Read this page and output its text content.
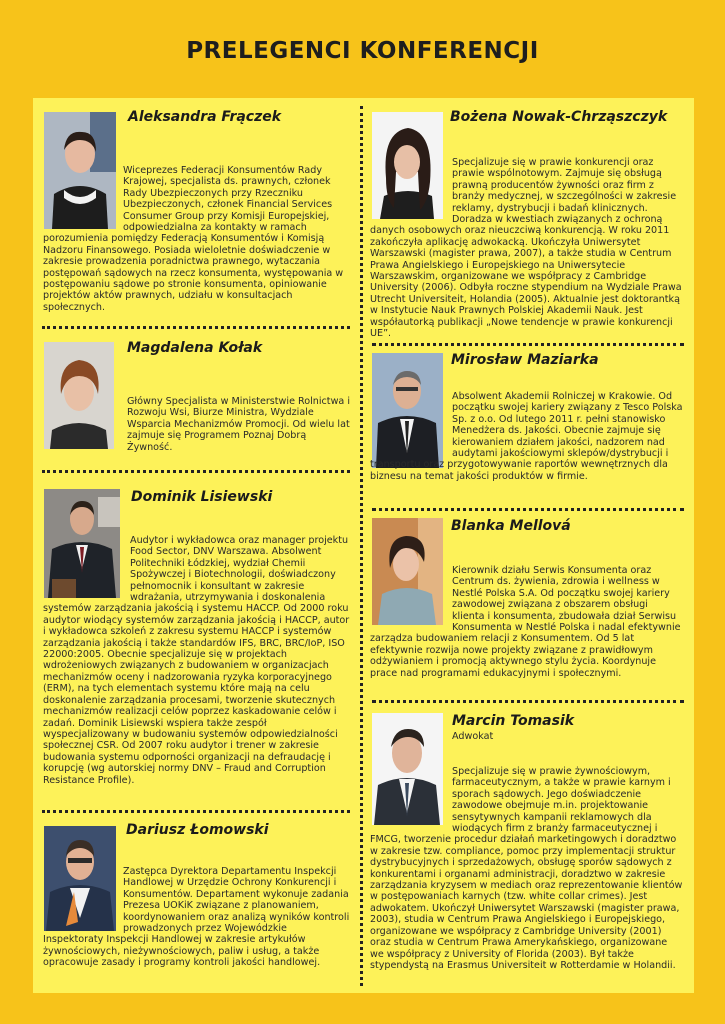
PRELEGENCI KONFERENCJI
Aleksandra Frączek
Wiceprezes Federacji Konsumentów Rady Krajowej, specjalista ds. prawnych, członek Rady Ubezpieczonych przy Rzeczniku Ubezpieczonych, członek Financial Services Consumer Group przy Komisji Europejskiej, odpowiedzialna za kontakty w ramach porozumienia pomiędzy Federacją Konsumentów i Komisją Nadzoru Finansowego. Posiada wieloletnie doświadczenie w zakresie prowadzenia poradnictwa prawnego, wytaczania postępowań sądowych na rzecz konsumenta, występowania w postępowaniu sądowe po stronie konsumenta, opiniowanie projektów aktów prawnych, udziału w konsultacjach społecznych.
Magdalena Kołak
Główny Specjalista w Ministerstwie Rolnictwa i Rozwoju Wsi, Biurze Ministra, Wydziale Wsparcia Mechanizmów Promocji. Od wielu lat zajmuje się Programem Poznaj Dobrą Żywność.
Dominik Lisiewski
Audytor i wykładowca oraz manager projektu Food Sector, DNV Warszawa. Absolwent Politechniki Łódzkiej, wydział Chemii Spożywczej i Biotechnologii, doświadczony pełnomocnik i konsultant w zakresie wdrażania, utrzymywania i doskonalenia systemów zarządzania jakością i systemu HACCP. Od 2000 roku audytor wiodący systemów zarządzania jakością i HACCP, autor i wykładowca szkoleń z zakresu systemu HACCP i systemów zarządzania jakością i także standardów IFS, BRC, BRC/IoP, ISO 22000:2005. Obecnie specjalizuje się w projektach wdrożeniowych związanych z budowaniem w organizacjach mechanizmów oceny i nadzorowania ryzyka korporacyjnego (ERM), na tych elementach systemu które mają na celu doskonalenie zarządzania procesami, tworzenie skutecznych mechanizmów realizacji celów poprzez kaskadowanie celów i zadań. Dominik Lisiewski wspiera także zespół wyspecjalizowany w budowaniu systemów odpowiedzialności społecznej CSR. Od 2007 roku audytor i trener w zakresie budowania systemu odporności organizacji na defraudację i korupcję (wg autorskiej normy DNV – Fraud and Corruption Resistance Profile).
Dariusz Łomowski
Zastępca Dyrektora Departamentu Inspekcji Handlowej w Urzędzie Ochrony Konkurencji i Konsumentów. Departament wykonuje zadania Prezesa UOKiK związane z planowaniem, koordynowaniem oraz analizą wyników kontroli prowadzonych przez Wojewódzkie Inspektoraty Inspekcji Handlowej w zakresie artykułów żywnościowych, nieżywnościowych, paliw i usług, a także opracowuje zasady i programy kontroli jakości handlowej.
Bożena Nowak-Chrząszczyk
Specjalizuje się w prawie konkurencji oraz prawie wspólnotowym. Zajmuje się obsługą prawną producentów żywności oraz firm z branży medycznej, w szczególności w zakresie reklamy, dystrybucji i badań klinicznych. Doradza w kwestiach związanych z ochroną danych osobowych oraz nieuczciwą konkurencją. W roku 2011 zakończyła aplikację adwokacką. Ukończyła Uniwersytet Warszawski (magister prawa, 2007), a także studia w Centrum Prawa Angielskiego i Europejskiego na Uniwersytecie Warszawskim, organizowane we współpracy z Cambridge University (2006). Odbyła roczne stypendium na Wydziale Prawa Utrecht Universiteit, Holandia (2005). Aktualnie jest doktorantką w Instytucie Nauk Prawnych Polskiej Akademii Nauk. Jest współautorką publikacji „Nowe tendencje w prawie konkurencji UE”.
Mirosław Maziarka
Absolwent Akademii Rolniczej w Krakowie. Od początku swojej kariery związany z Tesco Polska Sp. z o.o. Od lutego 2011 r. pełni stanowisko Menedżera ds. Jakości. Obecnie zajmuje się kierowaniem działem jakości, nadzorem nad audytami jakościowymi sklepów/dystrybucji i transportu oraz przygotowywanie raportów wewnętrznych dla biznesu na temat jakości produktów w firmie.
Blanka Mellová
Kierownik działu Serwis Konsumenta oraz Centrum ds. żywienia, zdrowia i wellness w Nestlé Polska S.A. Od początku swojej kariery zawodowej związana z obszarem obsługi klienta i konsumenta, zbudowała dział Serwisu Konsumenta w Nestlé Polska i nadal efektywnie zarządza budowaniem relacji z Konsumentem. Od 5 lat efektywnie rozwija nowe projekty związane z prawidłowym odżywianiem i promocją aktywnego stylu życia. Koordynuje prace nad programami edukacyjnymi i społecznymi.
Marcin Tomasik
Adwokat
Specjalizuje się w prawie żywnościowym, farmaceutycznym, a także w prawie karnym i sporach sądowych. Jego doświadczenie zawodowe obejmuje m.in. projektowanie sensytywnych kampanii reklamowych dla wiodących firm z branży farmaceutycznej i FMCG, tworzenie procedur działań marketingowych i doradztwo w zakresie tzw. compliance, pomoc przy implementacji struktur dystrybucyjnych i sprzedażowych, obsługę sporów sądowych z konkurentami i organami administracji, doradztwo w zakresie zarządzania kryzysem w mediach oraz reprezentowanie klientów w postępowaniach karnych (tzw. white collar crimes). Jest adwokatem. Ukończył Uniwersytet Warszawski (magister prawa, 2003), studia w Centrum Prawa Angielskiego i Europejskiego, organizowane we współpracy z Cambridge University (2001) oraz studia w Centrum Prawa Amerykańskiego, organizowane we współpracy z University of Florida (2003). Był także stypendystą na Erasmus Universiteit w Rotterdamie w Holandii.
